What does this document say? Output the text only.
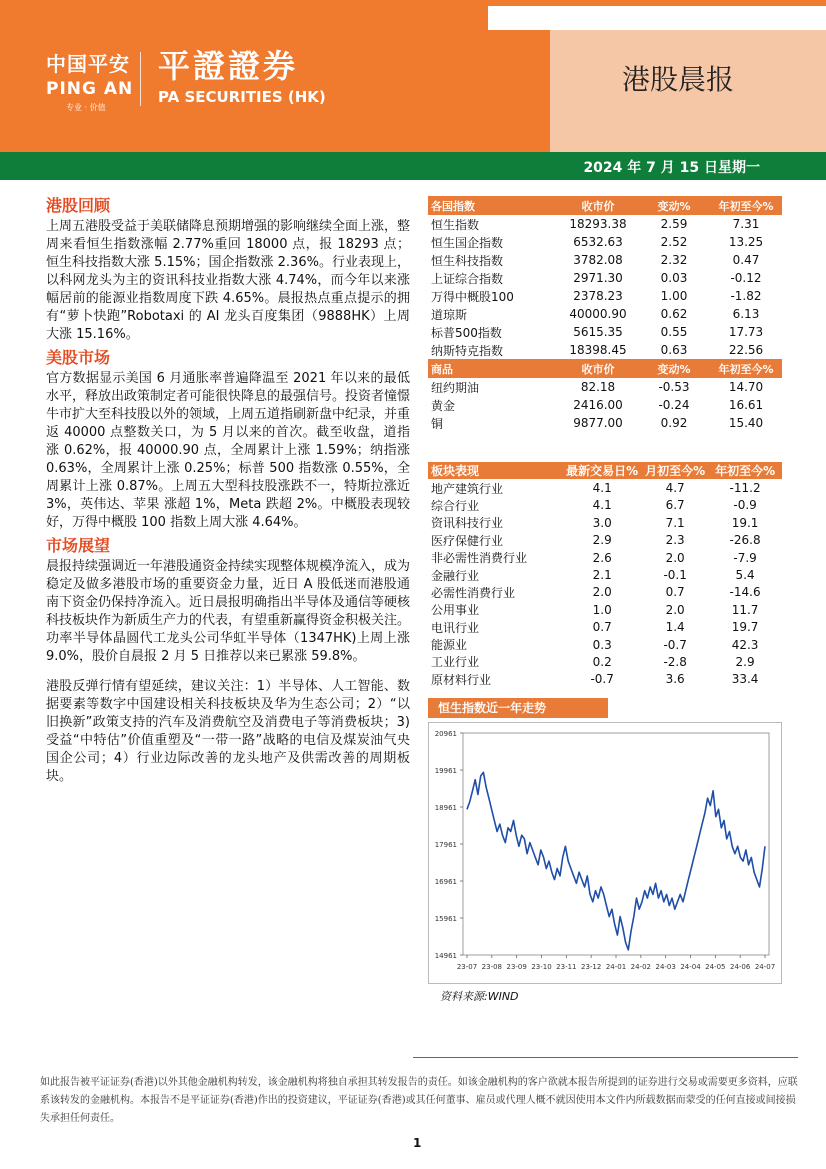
中国平安
PING AN
专业 · 价值
平證證券
PA SECURITIES (HK)
港股晨报
2024 年 7 月 15 日星期一
港股回顾
上周五港股受益于美联储降息预期增强的影响继续全面上涨，整周来看恒生指数涨幅 2.77%重回 18000 点，报 18293 点；恒生科技指数大涨 5.15%；国企指数涨 2.36%。行业表现上，以科网龙头为主的资讯科技业指数大涨 4.74%，而今年以来涨幅居前的能源业指数周度下跌 4.65%。晨报热点重点提示的拥有“萝卜快跑”Robotaxi 的 AI 龙头百度集团（9888HK）上周大涨 15.16%。
美股市场
官方数据显示美国 6 月通胀率普遍降温至 2021 年以来的最低水平，释放出政策制定者可能很快降息的最强信号。投资者憧憬牛市扩大至科技股以外的领域，上周五道指刷新盘中纪录，并重返 40000 点整数关口，为 5 月以来的首次。截至收盘，道指涨 0.62%，报 40000.90 点，全周累计上涨 1.59%；纳指涨 0.63%，全周累计上涨 0.25%；标普 500 指数涨 0.55%，全周累计上涨 0.87%。上周五大型科技股涨跌不一，特斯拉涨近 3%，英伟达、苹果 涨超 1%，Meta 跌超 2%。中概股表现较好，万得中概股 100 指数上周大涨 4.64%。
市场展望
晨报持续强调近一年港股通资金持续实现整体规模净流入，成为稳定及做多港股市场的重要资金力量，近日 A 股低迷而港股通南下资金仍保持净流入。近日晨报明确指出半导体及通信等硬核科技板块作为新质生产力的代表，有望重新赢得资金积极关注。功率半导体晶圆代工龙头公司华虹半导体（1347HK)上周上涨 9.0%，股价自晨报 2 月 5 日推荐以来已累涨 59.8%。
港股反弹行情有望延续，建议关注：1）半导体、人工智能、数据要素等数字中国建设相关科技板块及华为生态公司；2）“以旧换新”政策支持的汽车及消费航空及消费电子等消费板块；3)受益“中特估”价值重塑及“一带一路”战略的电信及煤炭油气央国企公司；4）行业边际改善的龙头地产及供需改善的周期板块。
各国指数	收市价	变动%	年初至今%
恒生指数	18293.38	2.59	7.31
恒生国企指数	6532.63	2.52	13.25
恒生科技指数	3782.08	2.32	0.47
上证综合指数	2971.30	0.03	-0.12
万得中概股100	2378.23	1.00	-1.82
道琼斯	40000.90	0.62	6.13
标普500指数	5615.35	0.55	17.73
纳斯特克指数	18398.45	0.63	22.56
商品	收市价	变动%	年初至今%
纽约期油	82.18	-0.53	14.70
黄金	2416.00	-0.24	16.61
铜	9877.00	0.92	15.40
板块表现	最新交易日%	月初至今%	年初至今%
地产建筑行业	4.1	4.7	-11.2
综合行业	4.1	6.7	-0.9
资讯科技行业	3.0	7.1	19.1
医疗保健行业	2.9	2.3	-26.8
非必需性消费行业	2.6	2.0	-7.9
金融行业	2.1	-0.1	5.4
必需性消费行业	2.0	0.7	-14.6
公用事业	1.0	2.0	11.7
电讯行业	0.7	1.4	19.7
能源业	0.3	-0.7	42.3
工业行业	0.2	-2.8	2.9
原材料行业	-0.7	3.6	33.4
恒生指数近一年走势
14961
15961
16961
17961
18961
19961
20961
23-07 23-08 23-09 23-10 23-11 23-12 24-01 24-02 24-03 24-04 24-05 24-06 24-07
资料来源:WIND
如此报告被平证证券(香港)以外其他金融机构转发，该金融机构将独自承担其转发报告的责任。如该金融机构的客户欲就本报告所提到的证券进行交易或需要更多资料，应联系该转发的金融机构。本报告不是平证证券(香港)作出的投资建议，平证证券(香港)或其任何董事、雇员或代理人概不就因使用本文件内所载数据而蒙受的任何直接或间接损失承担任何责任。
1
